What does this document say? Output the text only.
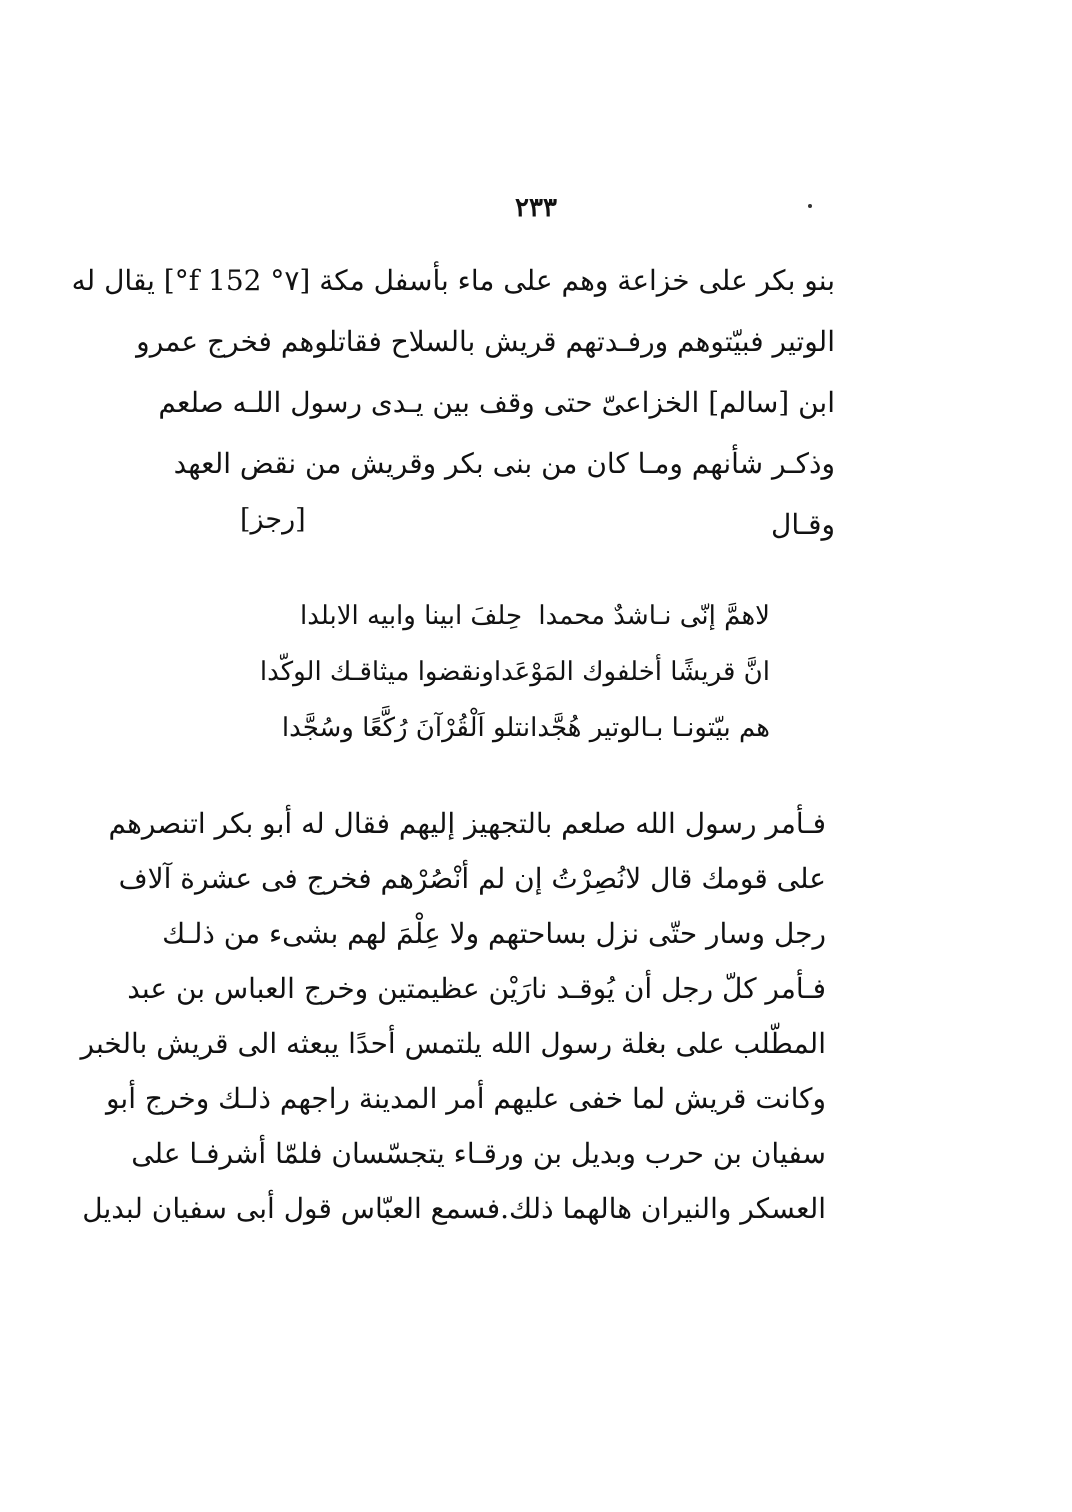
٢٣٣
بنو بكر على خزاعة وهم على ماء بأسفل مكة [٧° 152 f°] يقال له
الوتير فبيّتوهم ورفـدتهم قريش بالسلاح فقاتلوهم فخرج عمرو
ابن [سالم] الخزاعىّ حتى وقف بين يـدى رسول اللـه صلعم
وذكـر شأنهم ومـا كان من بنى بكر وقريش من نقض العهد
وقـال
[رجز]
لاهمَّ إنّى نـاشدٌ محمدا
حِلفَ ابينا وابيه الابلدا
انَّ قريشًا أخلفوك المَوْعَدا
ونقضوا ميثاقـك الوكّدا
هم بيّتونـا بـالوتير هُجَّدا
نتلو اَلْقُرْآنَ رُكَّعًا وسُجَّدا
فـأمر رسول الله صلعم بالتجهيز إليهم فقال له أبو بكر اتنصرهم
على قومك قال لانُصِرْتُ إن لم أنْصُرْهم فخرج فى عشرة آلاف
رجل وسار حتّى نزل بساحتهم ولا عِلْمَ لهم بشىء من ذلـك
فـأمر كلّ رجل أن يُوقـد نارَيْن عظيمتين وخرج العباس بن عبد
المطّلب على بغلة رسول الله يلتمس أحدًا يبعثه الى قريش بالخبر
وكانت قريش لما خفى عليهم أمر المدينة راجهم ذلـك وخرج أبو
سفيان بن حرب وبديل بن ورقـاء يتجسّسان فلمّا أشرفـا على
العسكر والنيران هالهما ذلك.فسمع العبّاس قول أبى سفيان لبديل
